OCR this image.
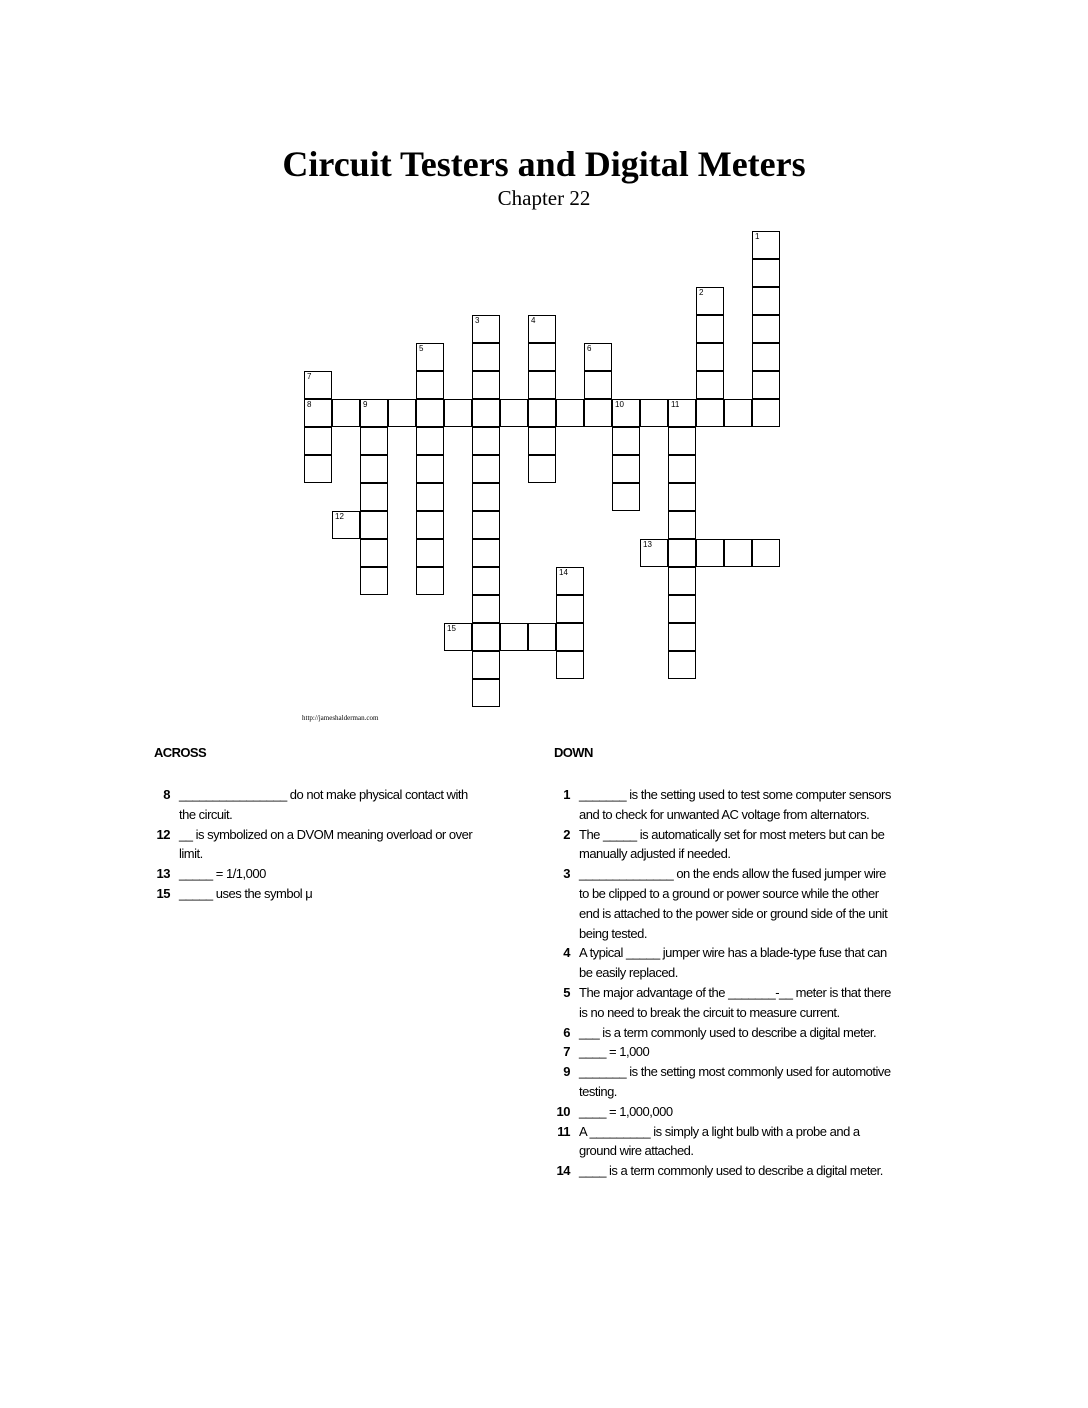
Circuit Testers and Digital Meters
Chapter 22
1
2
3	4
5	6
7
8	9	10	11
12
13
14
15
http://jameshalderman.com
ACROSS
8 ________________ do not make physical contact with the circuit.
12 __ is symbolized on a DVOM meaning overload or over limit.
13 _____ = 1/1,000
15 _____ uses the symbol μ
DOWN
1 _______ is the setting used to test some computer sensors and to check for unwanted AC voltage from alternators.
2 The _____ is automatically set for most meters but can be manually adjusted if needed.
3 ______________ on the ends allow the fused jumper wire to be clipped to a ground or power source while the other end is attached to the power side or ground side of the unit being tested.
4 A typical _____ jumper wire has a blade-type fuse that can be easily replaced.
5 The major advantage of the _______-__ meter is that there is no need to break the circuit to measure current.
6 ___ is a term commonly used to describe a digital meter.
7 ____ = 1,000
9 _______ is the setting most commonly used for automotive testing.
10 ____ = 1,000,000
11 A _________ is simply a light bulb with a probe and a ground wire attached.
14 ____ is a term commonly used to describe a digital meter.
